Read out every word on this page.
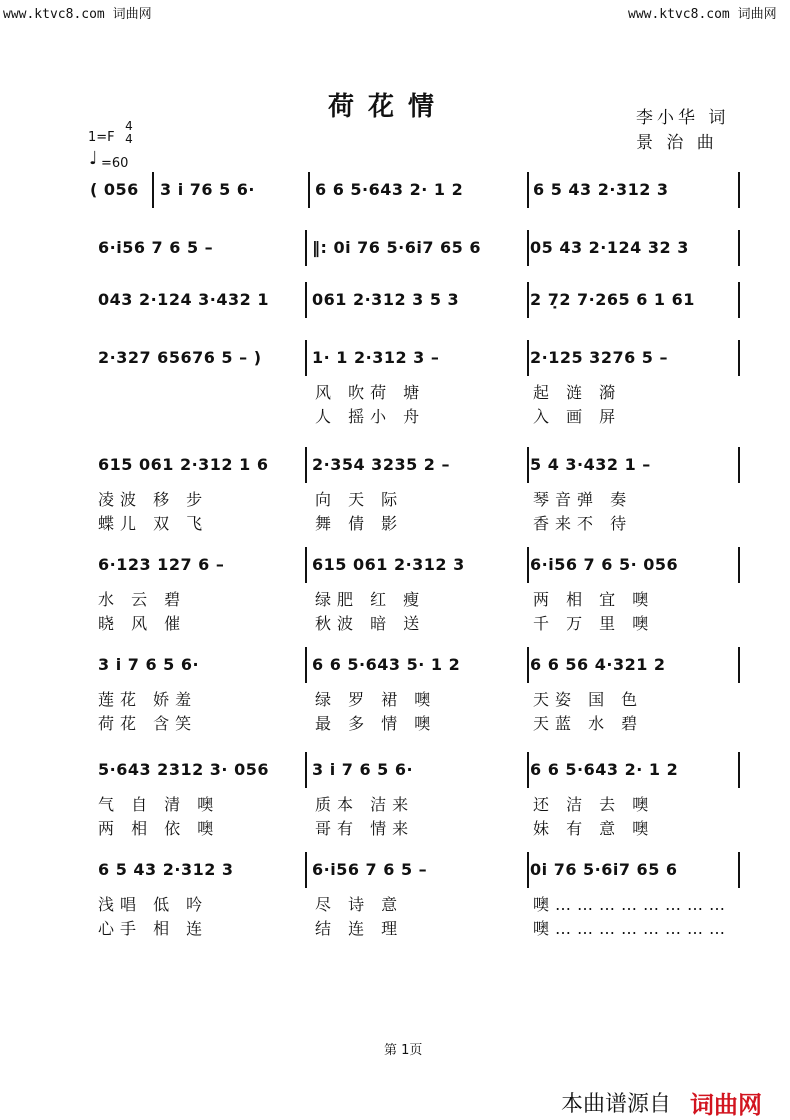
www.ktvc8.com 词曲网	www.ktvc8.com 词曲网
荷花情	李小华 词
景 治 曲
1=F
4
4
♩ =60
( 056 3 i 76 5 6·	6 6 5·643 2· 1 2	6 5 43 2·312 3
6·i56 7 6 5 –	‖: 0i 76 5·6i7 65 6	05 43 2·124 32 3
043 2·124 3·432 1	061 2·312 3 5 3	2 7̣2 7·265 6 1 61
2·327 65676 5 – )	1· 1 2·312 3 –	2·125 3276 5 –
风 吹荷 塘	起 涟 漪
人 摇小 舟	入 画 屏
615 061 2·312 1 6	2·354 3235 2 –	5 4 3·432 1 –
凌波 移 步	向 天 际	琴音弹 奏
蝶儿 双 飞	舞 倩 影	香来不 待
6·123 127 6 –	615 061 2·312 3	6·i56 7 6 5· 056
水 云 碧	绿肥 红 瘦	两 相 宜 噢
晓 风 催	秋波 暗 送	千 万 里 噢
3 i 7 6 5 6·	6 6 5·643 5· 1 2	6 6 56 4·321 2
莲花 娇羞	绿 罗 裙 噢	天姿 国 色
荷花 含笑	最 多 情 噢	天蓝 水 碧
5·643 2312 3· 056	3 i 7 6 5 6·	6 6 5·643 2· 1 2
气 自 清 噢	质本 洁来	还 洁 去 噢
两 相 依 噢	哥有 情来	妹 有 意 噢
6 5 43 2·312 3	6·i56 7 6 5 –	0i 76 5·6i7 65 6
浅唱 低 吟	尽 诗 意	噢……………………
心手 相 连	结 连 理	噢……………………
第 1页
本曲谱源自 词曲网
